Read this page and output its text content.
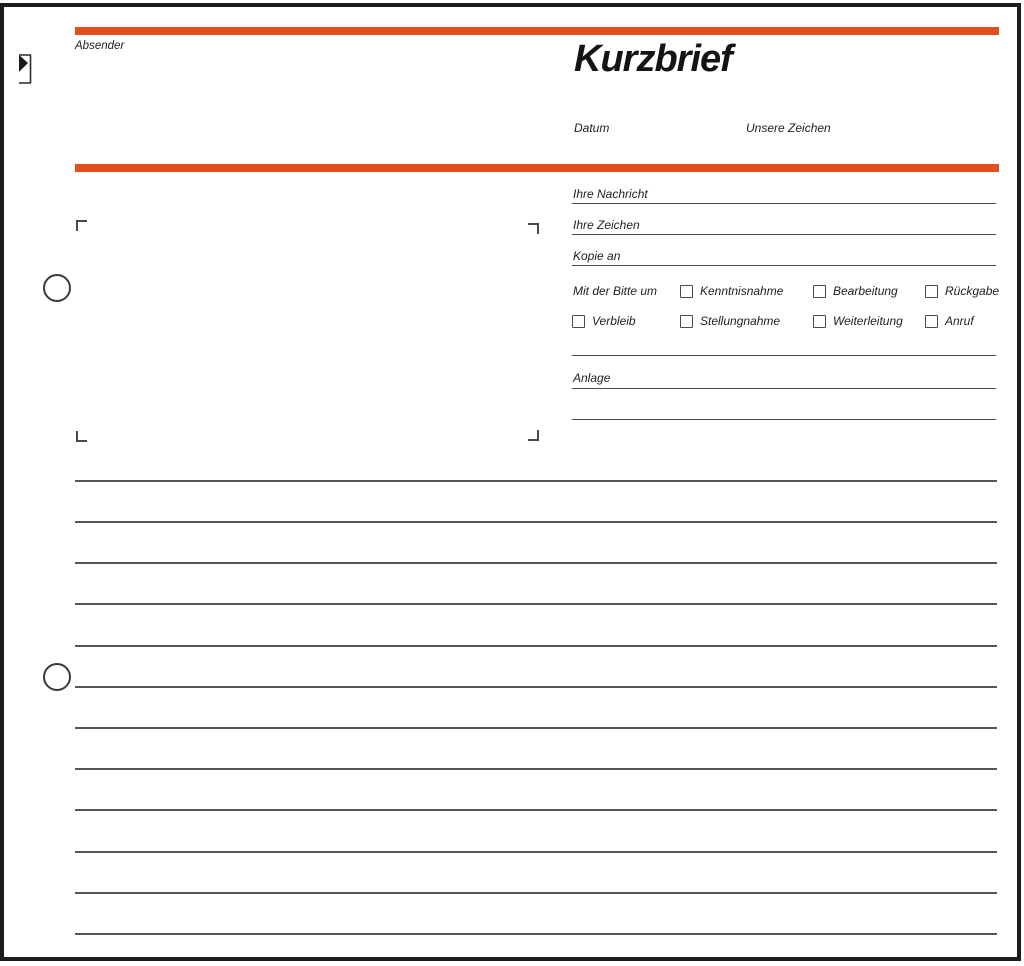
Absender	Kurzbrief
Datum	Unsere Zeichen
Ihre Nachricht
Ihre Zeichen
Kopie an
Mit der Bitte um	Kenntnisnahme	Bearbeitung	Rückgabe
Verbleib	Stellungnahme	Weiterleitung	Anruf
Anlage
